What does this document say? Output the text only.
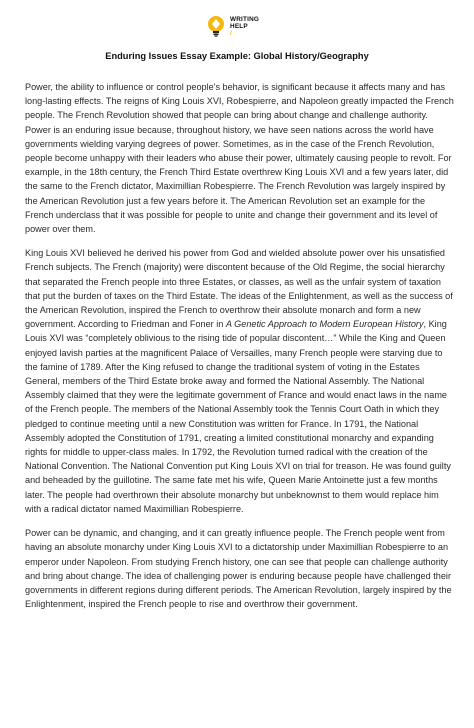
WRITING
HELP
/
Enduring Issues Essay Example: Global History/Geography

Power, the ability to influence or control people's behavior, is significant because it affects many and has long-lasting effects. The reigns of King Louis XVI, Robespierre, and Napoleon greatly impacted the French people. The French Revolution showed that people can bring about change and challenge authority. Power is an enduring issue because, throughout history, we have seen nations across the world have governments wielding varying degrees of power. Sometimes, as in the case of the French Revolution, people become unhappy with their leaders who abuse their power, ultimately causing people to revolt. For example, in the 18th century, the French Third Estate overthrew King Louis XVI and a few years later, did the same to the French dictator, Maximillian Robespierre. The French Revolution was largely inspired by the American Revolution just a few years before it. The American Revolution set an example for the French underclass that it was possible for people to unite and change their government and its level of power over them.

King Louis XVI believed he derived his power from God and wielded absolute power over his unsatisfied French subjects. The French (majority) were discontent because of the Old Regime, the social hierarchy that separated the French people into three Estates, or classes, as well as the unfair system of taxation that put the burden of taxes on the Third Estate. The ideas of the Enlightenment, as well as the success of the American Revolution, inspired the French to overthrow their absolute monarch and form a new government. According to Friedman and Foner in A Genetic Approach to Modern European History, King Louis XVI was “completely oblivious to the rising tide of popular discontent…” While the King and Queen enjoyed lavish parties at the magnificent Palace of Versailles, many French people were starving due to the famine of 1789. After the King refused to change the traditional system of voting in the Estates General, members of the Third Estate broke away and formed the National Assembly. The National Assembly claimed that they were the legitimate government of France and would enact laws in the name of the French people. The members of the National Assembly took the Tennis Court Oath in which they pledged to continue meeting until a new Constitution was written for France. In 1791, the National Assembly adopted the Constitution of 1791, creating a limited constitutional monarchy and expanding rights for middle to upper-class males. In 1792, the Revolution turned radical with the creation of the National Convention. The National Convention put King Louis XVI on trial for treason. He was found guilty and beheaded by the guillotine. The same fate met his wife, Queen Marie Antoinette just a few months later. The people had overthrown their absolute monarchy but unbeknownst to them would replace him with a radical dictator named Maximillian Robespierre.

Power can be dynamic, and changing, and it can greatly influence people. The French people went from having an absolute monarchy under King Louis XVI to a dictatorship under Maximillian Robespierre to an emperor under Napoleon. From studying French history, one can see that people can challenge authority and bring about change. The idea of challenging power is enduring because people have challenged their governments in different regions during different periods. The American Revolution, largely inspired by the Enlightenment, inspired the French people to rise and overthrow their government.
